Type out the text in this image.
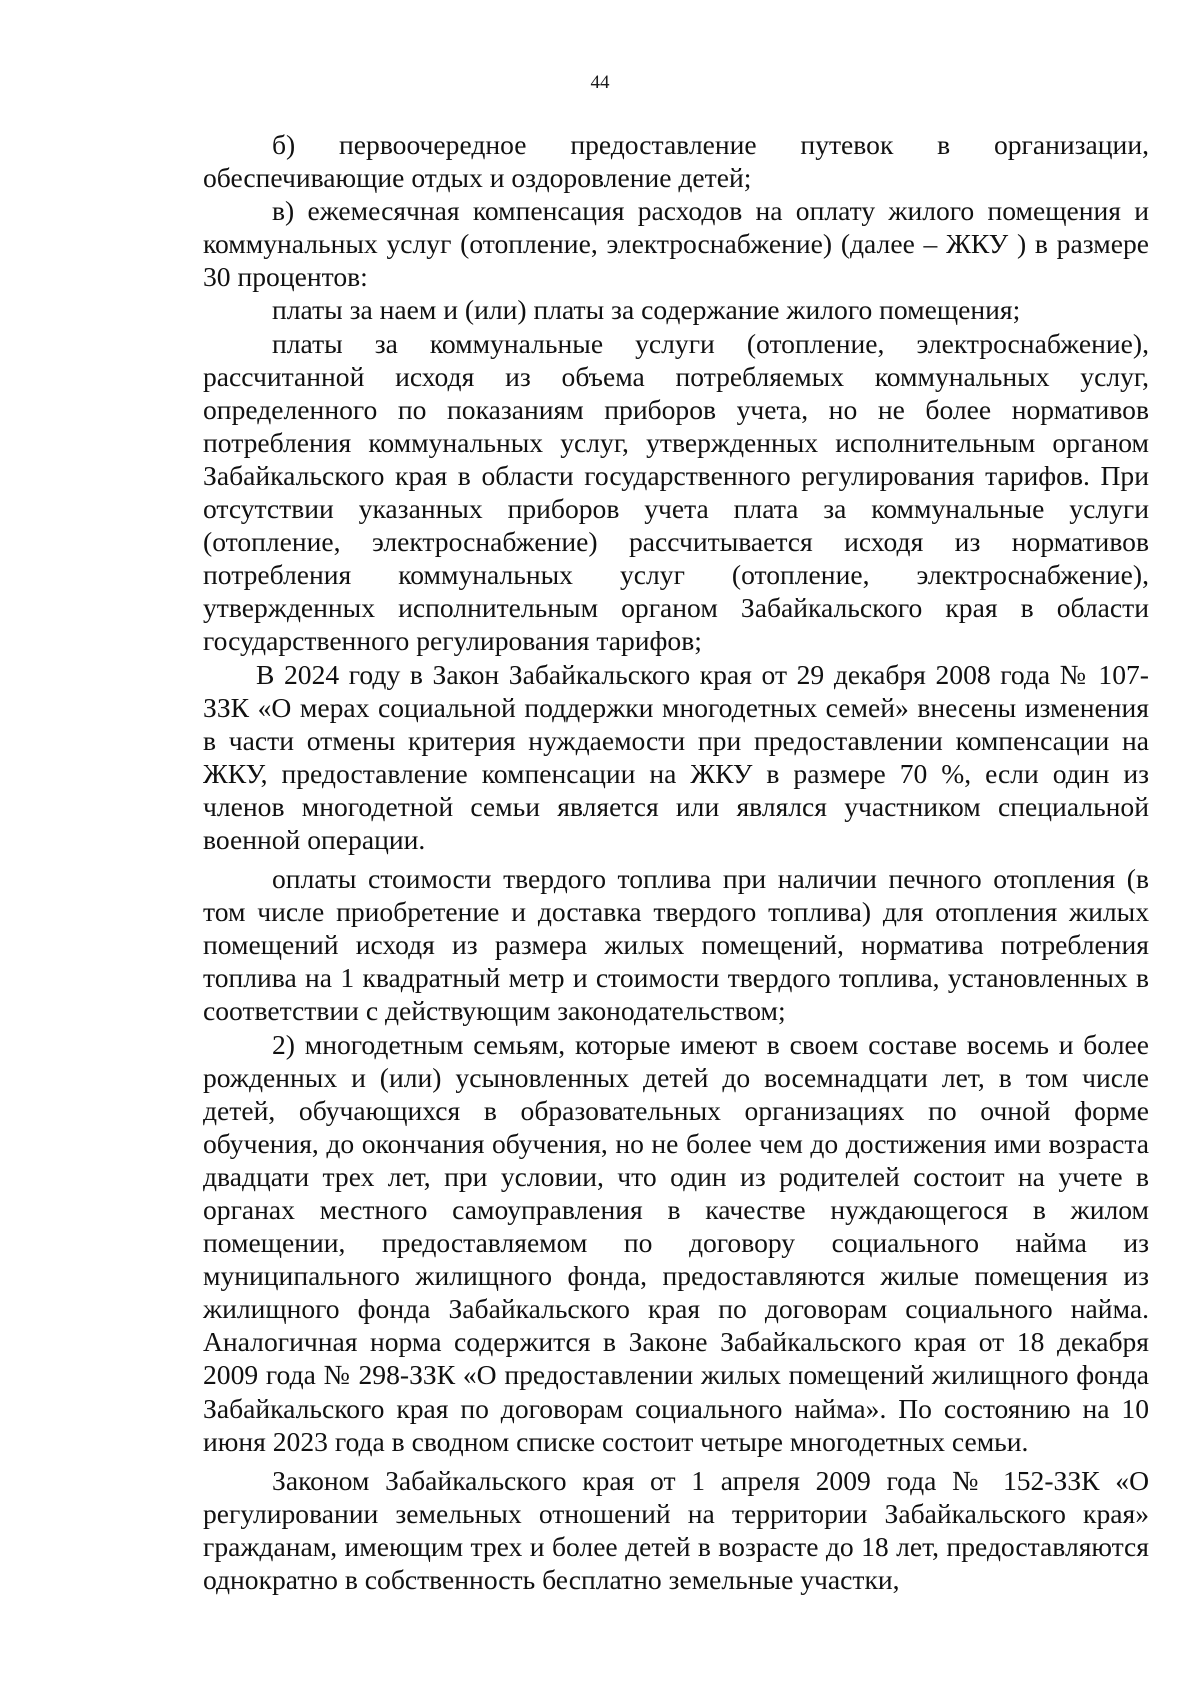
44

б) первоочередное предоставление путевок в организации, обеспечивающие отдых и оздоровление детей;

в) ежемесячная компенсация расходов на оплату жилого помещения и коммунальных услуг (отопление, электроснабжение) (далее – ЖКУ ) в размере 30 процентов:

платы за наем и (или) платы за содержание жилого помещения;

платы за коммунальные услуги (отопление, электроснабжение), рассчитанной исходя из объема потребляемых коммунальных услуг, определенного по показаниям приборов учета, но не более нормативов потребления коммунальных услуг, утвержденных исполнительным органом Забайкальского края в области государственного регулирования тарифов. При отсутствии указанных приборов учета плата за коммунальные услуги (отопление, электроснабжение) рассчитывается исходя из нормативов потребления коммунальных услуг (отопление, электроснабжение), утвержденных исполнительным органом Забайкальского края в области государственного регулирования тарифов;

В 2024 году в Закон Забайкальского края от 29 декабря 2008 года № 107- ЗЗК «О мерах социальной поддержки многодетных семей» внесены изменения в части отмены критерия нуждаемости при предоставлении компенсации на ЖКУ, предоставление компенсации на ЖКУ в размере 70 %, если один из членов многодетной семьи является или являлся участником специальной военной операции.

оплаты стоимости твердого топлива при наличии печного отопления (в том числе приобретение и доставка твердого топлива) для отопления жилых помещений исходя из размера жилых помещений, норматива потребления топлива на 1 квадратный метр и стоимости твердого топлива, установленных в соответствии с действующим законодательством;

2) многодетным семьям, которые имеют в своем составе восемь и более рожденных и (или) усыновленных детей до восемнадцати лет, в том числе детей, обучающихся в образовательных организациях по очной форме обучения, до окончания обучения, но не более чем до достижения ими возраста двадцати трех лет, при условии, что один из родителей состоит на учете в органах местного самоуправления в качестве нуждающегося в жилом помещении, предоставляемом по договору социального найма из муниципального жилищного фонда, предоставляются жилые помещения из жилищного фонда Забайкальского края по договорам социального найма. Аналогичная норма содержится в Законе Забайкальского края от 18 декабря 2009 года № 298-ЗЗК «О предоставлении жилых помещений жилищного фонда Забайкальского края по договорам социального найма». По состоянию на 10 июня 2023 года в сводном списке состоит четыре многодетных семьи.

Законом Забайкальского края от 1 апреля 2009 года № 152-ЗЗК «О регулировании земельных отношений на территории Забайкальского края» гражданам, имеющим трех и более детей в возрасте до 18 лет, предоставляются однократно в собственность бесплатно земельные участки,
